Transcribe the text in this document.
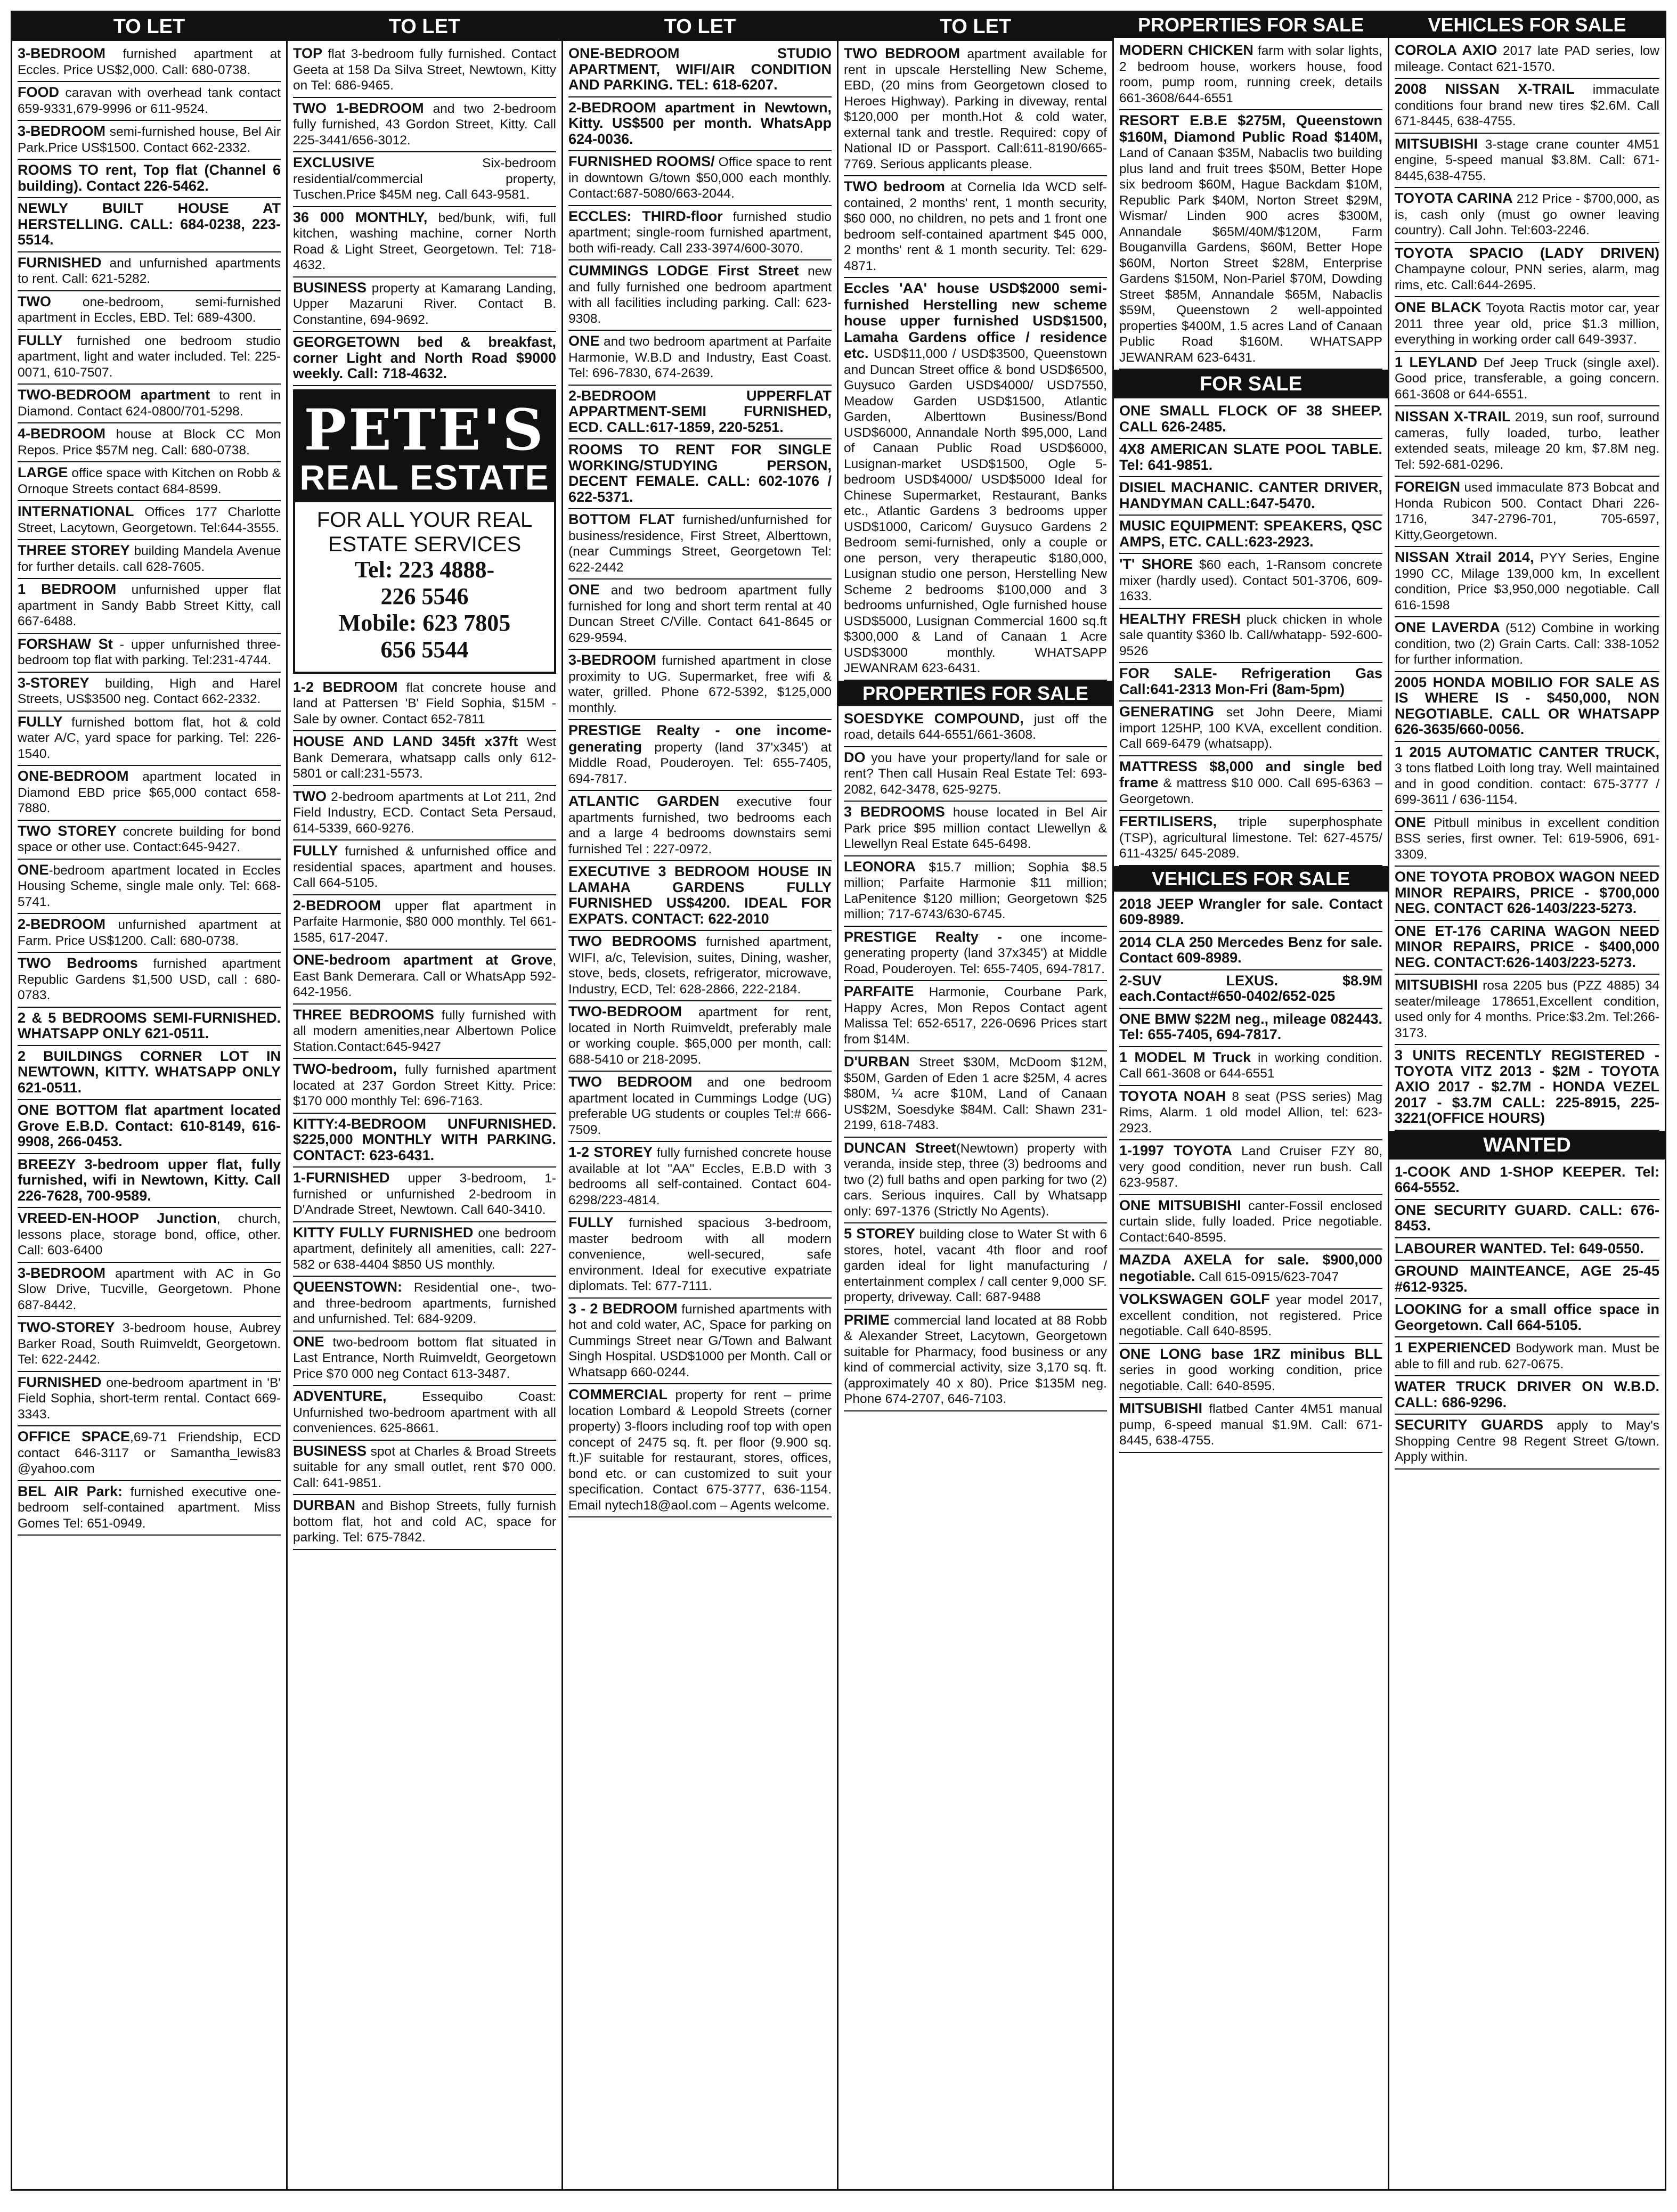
TO LET
3-BEDROOM furnished apartment at Eccles. Price US$2,000. Call: 680-0738.
FOOD caravan with overhead tank contact 659-9331,679-9996 or 611-9524.
3-BEDROOM semi-furnished house, Bel Air Park.Price US$1500. Contact 662-2332.
ROOMS TO rent, Top flat (Channel 6 building). Contact 226-5462.
NEWLY BUILT HOUSE AT HERSTELLING. CALL: 684-0238, 223-5514.
FURNISHED and unfurnished apartments to rent. Call: 621-5282.
TWO one-bedroom, semi-furnished apartment in Eccles, EBD. Tel: 689-4300.
FULLY furnished one bedroom studio apartment, light and water included. Tel: 225-0071, 610-7507.
TWO-BEDROOM apartment to rent in Diamond. Contact 624-0800/701-5298.
4-BEDROOM house at Block CC Mon Repos. Price $57M neg. Call: 680-0738.
LARGE office space with Kitchen on Robb & Ornoque Streets contact 684-8599.
INTERNATIONAL Offices 177 Charlotte Street, Lacytown, Georgetown. Tel:644-3555.
THREE STOREY building Mandela Avenue for further details. call 628-7605.
1 BEDROOM unfurnished upper flat apartment in Sandy Babb Street Kitty, call 667-6488.
FORSHAW St - upper unfurnished three-bedroom top flat with parking. Tel:231-4744.
3-STOREY building, High and Harel Streets, US$3500 neg. Contact 662-2332.
FULLY furnished bottom flat, hot & cold water A/C, yard space for parking. Tel: 226-1540.
ONE-BEDROOM apartment located in Diamond EBD price $65,000 contact 658-7880.
TWO STOREY concrete building for bond space or other use. Contact:645-9427.
ONE-bedroom apartment located in Eccles Housing Scheme, single male only. Tel: 668-5741.
2-BEDROOM unfurnished apartment at Farm. Price US$1200. Call: 680-0738.
TWO Bedrooms furnished apartment Republic Gardens $1,500 USD, call : 680-0783.
2 & 5 BEDROOMS SEMI-FURNISHED. WHATSAPP ONLY 621-0511.
2 BUILDINGS CORNER LOT IN NEWTOWN, KITTY. WHATSAPP ONLY 621-0511.
ONE BOTTOM flat apartment located Grove E.B.D. Contact: 610-8149, 616-9908, 266-0453.
BREEZY 3-bedroom upper flat, fully furnished, wifi in Newtown, Kitty. Call 226-7628, 700-9589.
VREED-EN-HOOP Junction, church, lessons place, storage bond, office, other. Call: 603-6400
3-BEDROOM apartment with AC in Go Slow Drive, Tucville, Georgetown. Phone 687-8442.
TWO-STOREY 3-bedroom house, Aubrey Barker Road, South Ruimveldt, Georgetown. Tel: 622-2442.
FURNISHED one-bedroom apartment in 'B' Field Sophia, short-term rental. Contact 669-3343.
OFFICE SPACE,69-71 Friendship, ECD contact 646-3117 or Samantha_lewis83 @yahoo.com
BEL AIR Park: furnished executive one-bedroom self-contained apartment. Miss Gomes Tel: 651-0949.
TO LET
TOP flat 3-bedroom fully furnished. Contact Geeta at 158 Da Silva Street, Newtown, Kitty on Tel: 686-9465.
TWO 1-BEDROOM and two 2-bedroom fully furnished, 43 Gordon Street, Kitty. Call 225-3441/656-3012.
EXCLUSIVE Six-bedroom residential/commercial property, Tuschen.Price $45M neg. Call 643-9581.
36 000 MONTHLY, bed/bunk, wifi, full kitchen, washing machine, corner North Road & Light Street, Georgetown. Tel: 718-4632.
BUSINESS property at Kamarang Landing, Upper Mazaruni River. Contact B. Constantine, 694-9692.
GEORGETOWN bed & breakfast, corner Light and North Road $9000 weekly. Call: 718-4632.
PETE'S
REAL ESTATE
FOR ALL YOUR REAL
ESTATE SERVICES
Tel: 223 4888-
226 5546
Mobile: 623 7805
656 5544
1-2 BEDROOM flat concrete house and land at Pattersen 'B' Field Sophia, $15M - Sale by owner. Contact 652-7811
HOUSE AND LAND 345ft x37ft West Bank Demerara, whatsapp calls only 612-5801 or call:231-5573.
TWO 2-bedroom apartments at Lot 211, 2nd Field Industry, ECD. Contact Seta Persaud, 614-5339, 660-9276.
FULLY furnished & unfurnished office and residential spaces, apartment and houses. Call 664-5105.
2-BEDROOM upper flat apartment in Parfaite Harmonie, $80 000 monthly. Tel 661-1585, 617-2047.
ONE-bedroom apartment at Grove, East Bank Demerara. Call or WhatsApp 592-642-1956.
THREE BEDROOMS fully furnished with all modern amenities,near Albertown Police Station.Contact:645-9427
TWO-bedroom, fully furnished apartment located at 237 Gordon Street Kitty. Price: $170 000 monthly Tel: 696-7163.
KITTY:4-BEDROOM UNFURNISHED. $225,000 MONTHLY WITH PARKING. CONTACT: 623-6431.
1-FURNISHED upper 3-bedroom, 1-furnished or unfurnished 2-bedroom in D'Andrade Street, Newtown. Call 640-3410.
KITTY FULLY FURNISHED one bedroom apartment, definitely all amenities, call: 227-582 or 638-4404 $850 US monthly.
QUEENSTOWN: Residential one-, two- and three-bedroom apartments, furnished and unfurnished. Tel: 684-9209.
ONE two-bedroom bottom flat situated in Last Entrance, North Ruimveldt, Georgetown Price $70 000 neg Contact 613-3487.
ADVENTURE, Essequibo Coast: Unfurnished two-bedroom apartment with all conveniences. 625-8661.
BUSINESS spot at Charles & Broad Streets suitable for any small outlet, rent $70 000. Call: 641-9851.
DURBAN and Bishop Streets, fully furnish bottom flat, hot and cold AC, space for parking. Tel: 675-7842.
TO LET
ONE-BEDROOM STUDIO APARTMENT, WIFI/AIR CONDITION AND PARKING. TEL: 618-6207.
2-BEDROOM apartment in Newtown, Kitty. US$500 per month. WhatsApp 624-0036.
FURNISHED ROOMS/ Office space to rent in downtown G/town $50,000 each monthly. Contact:687-5080/663-2044.
ECCLES: THIRD-floor furnished studio apartment; single-room furnished apartment, both wifi-ready. Call 233-3974/600-3070.
CUMMINGS LODGE First Street new and fully furnished one bedroom apartment with all facilities including parking. Call: 623-9308.
ONE and two bedroom apartment at Parfaite Harmonie, W.B.D and Industry, East Coast. Tel: 696-7830, 674-2639.
2-BEDROOM UPPERFLAT APPARTMENT-SEMI FURNISHED, ECD. CALL:617-1859, 220-5251.
ROOMS TO RENT FOR SINGLE WORKING/STUDYING PERSON, DECENT FEMALE. CALL: 602-1076 / 622-5371.
BOTTOM FLAT furnished/unfurnished for business/residence, First Street, Alberttown, (near Cummings Street, Georgetown Tel: 622-2442
ONE and two bedroom apartment fully furnished for long and short term rental at 40 Duncan Street C/Ville. Contact 641-8645 or 629-9594.
3-BEDROOM furnished apartment in close proximity to UG. Supermarket, free wifi & water, grilled. Phone 672-5392, $125,000 monthly.
PRESTIGE Realty - one income-generating property (land 37'x345') at Middle Road, Pouderoyen. Tel: 655-7405, 694-7817.
ATLANTIC GARDEN executive four apartments furnished, two bedrooms each and a large 4 bedrooms downstairs semi furnished Tel : 227-0972.
EXECUTIVE 3 BEDROOM HOUSE IN LAMAHA GARDENS FULLY FURNISHED US$4200. IDEAL FOR EXPATS. CONTACT: 622-2010
TWO BEDROOMS furnished apartment, WIFI, a/c, Television, suites, Dining, washer, stove, beds, closets, refrigerator, microwave, Industry, ECD, Tel: 628-2866, 222-2184.
TWO-BEDROOM apartment for rent, located in North Ruimveldt, preferably male or working couple. $65,000 per month, call: 688-5410 or 218-2095.
TWO BEDROOM and one bedroom apartment located in Cummings Lodge (UG) preferable UG students or couples Tel:# 666-7509.
1-2 STOREY fully furnished concrete house available at lot "AA" Eccles, E.B.D with 3 bedrooms all self-contained. Contact 604-6298/223-4814.
FULLY furnished spacious 3-bedroom, master bedroom with all modern convenience, well-secured, safe environment. Ideal for executive expatriate diplomats. Tel: 677-7111.
3 - 2 BEDROOM furnished apartments with hot and cold water, AC, Space for parking on Cummings Street near G/Town and Balwant Singh Hospital. USD$1000 per Month. Call or Whatsapp 660-0244.
COMMERCIAL property for rent – prime location Lombard & Leopold Streets (corner property) 3-floors including roof top with open concept of 2475 sq. ft. per floor (9.900 sq. ft.)F suitable for restaurant, stores, offices, bond etc. or can customized to suit your specification. Contact 675-3777, 636-1154. Email nytech18@aol.com – Agents welcome.
TO LET
TWO BEDROOM apartment available for rent in upscale Herstelling New Scheme, EBD, (20 mins from Georgetown closed to Heroes Highway). Parking in diveway, rental $120,000 per month.Hot & cold water, external tank and trestle. Required: copy of National ID or Passport. Call:611-8190/665-7769. Serious applicants please.
TWO bedroom at Cornelia Ida WCD self-contained, 2 months' rent, 1 month security, $60 000, no children, no pets and 1 front one bedroom self-contained apartment $45 000, 2 months' rent & 1 month security. Tel: 629-4871.
Eccles 'AA' house USD$2000 semi- furnished Herstelling new scheme house upper furnished USD$1500, Lamaha Gardens office / residence etc. USD$11,000 / USD$3500, Queenstown and Duncan Street office & bond USD$6500, Guysuco Garden USD$4000/ USD7550, Meadow Garden USD$1500, Atlantic Garden, Alberttown Business/Bond USD$6000, Annandale North $95,000, Land of Canaan Public Road USD$6000, Lusignan-market USD$1500, Ogle 5-bedroom USD$4000/ USD$5000 Ideal for Chinese Supermarket, Restaurant, Banks etc., Atlantic Gardens 3 bedrooms upper USD$1000, Caricom/ Guysuco Gardens 2 Bedroom semi-furnished, only a couple or one person, very therapeutic $180,000, Lusignan studio one person, Herstelling New Scheme 2 bedrooms $100,000 and 3 bedrooms unfurnished, Ogle furnished house USD$5000, Lusignan Commercial 1600 sq.ft $300,000 & Land of Canaan 1 Acre USD$3000 monthly. WHATSAPP JEWANRAM 623-6431.
PROPERTIES FOR SALE
SOESDYKE COMPOUND, just off the road, details 644-6551/661-3608.
DO you have your property/land for sale or rent? Then call Husain Real Estate Tel: 693-2082, 642-3478, 625-9275.
3 BEDROOMS house located in Bel Air Park price $95 million contact Llewellyn & Llewellyn Real Estate 645-6498.
LEONORA $15.7 million; Sophia $8.5 million; Parfaite Harmonie $11 million; LaPenitence $120 million; Georgetown $25 million; 717-6743/630-6745.
PRESTIGE Realty - one income-generating property (land 37x345') at Middle Road, Pouderoyen. Tel: 655-7405, 694-7817.
PARFAITE Harmonie, Courbane Park, Happy Acres, Mon Repos Contact agent Malissa Tel: 652-6517, 226-0696 Prices start from $14M.
D'URBAN Street $30M, McDoom $12M, $50M, Garden of Eden 1 acre $25M, 4 acres $80M, ¼ acre $10M, Land of Canaan US$2M, Soesdyke $84M. Call: Shawn 231-2199, 618-7483.
DUNCAN Street(Newtown) property with veranda, inside step, three (3) bedrooms and two (2) full baths and open parking for two (2) cars. Serious inquires. Call by Whatsapp only: 697-1376 (Strictly No Agents).
5 STOREY building close to Water St with 6 stores, hotel, vacant 4th floor and roof garden ideal for light manufacturing / entertainment complex / call center 9,000 SF. property, driveway. Call: 687-9488
PRIME commercial land located at 88 Robb & Alexander Street, Lacytown, Georgetown suitable for Pharmacy, food business or any kind of commercial activity, size 3,170 sq. ft. (approximately 40 x 80). Price $135M neg. Phone 674-2707, 646-7103.
PROPERTIES FOR SALE
MODERN CHICKEN farm with solar lights, 2 bedroom house, workers house, food room, pump room, running creek, details 661-3608/644-6551
RESORT E.B.E $275M, Queenstown $160M, Diamond Public Road $140M, Land of Canaan $35M, Nabaclis two building plus land and fruit trees $50M, Better Hope six bedroom $60M, Hague Backdam $10M, Republic Park $40M, Norton Street $29M, Wismar/ Linden 900 acres $300M, Annandale $65M/40M/$120M, Farm Bouganvilla Gardens, $60M, Better Hope $60M, Norton Street $28M, Enterprise Gardens $150M, Non-Pariel $70M, Dowding Street $85M, Annandale $65M, Nabaclis $59M, Queenstown 2 well-appointed properties $400M, 1.5 acres Land of Canaan Public Road $160M. WHATSAPP JEWANRAM 623-6431.
FOR SALE
ONE SMALL FLOCK OF 38 SHEEP. CALL 626-2485.
4X8 AMERICAN SLATE POOL TABLE. Tel: 641-9851.
DISIEL MACHANIC. CANTER DRIVER, HANDYMAN CALL:647-5470.
MUSIC EQUIPMENT: SPEAKERS, QSC AMPS, ETC. CALL:623-2923.
'T' SHORE $60 each, 1-Ransom concrete mixer (hardly used). Contact 501-3706, 609-1633.
HEALTHY FRESH pluck chicken in whole sale quantity $360 lb. Call/whatapp- 592-600-9526
FOR SALE- Refrigeration Gas Call:641-2313 Mon-Fri (8am-5pm)
GENERATING set John Deere, Miami import 125HP, 100 KVA, excellent condition. Call 669-6479 (whatsapp).
MATTRESS $8,000 and single bed frame & mattress $10 000. Call 695-6363 – Georgetown.
FERTILISERS, triple superphosphate (TSP), agricultural limestone. Tel: 627-4575/ 611-4325/ 645-2089.
VEHICLES FOR SALE
2018 JEEP Wrangler for sale. Contact 609-8989.
2014 CLA 250 Mercedes Benz for sale. Contact 609-8989.
2-SUV LEXUS. $8.9M each.Contact#650-0402/652-025
ONE BMW $22M neg., mileage 082443. Tel: 655-7405, 694-7817.
1 MODEL M Truck in working condition. Call 661-3608 or 644-6551
TOYOTA NOAH 8 seat (PSS series) Mag Rims, Alarm. 1 old model Allion, tel: 623-2923.
1-1997 TOYOTA Land Cruiser FZY 80, very good condition, never run bush. Call 623-9587.
ONE MITSUBISHI canter-Fossil enclosed curtain slide, fully loaded. Price negotiable. Contact:640-8595.
MAZDA AXELA for sale. $900,000 negotiable. Call 615-0915/623-7047
VOLKSWAGEN GOLF year model 2017, excellent condition, not registered. Price negotiable. Call 640-8595.
ONE LONG base 1RZ minibus BLL series in good working condition, price negotiable. Call: 640-8595.
MITSUBISHI flatbed Canter 4M51 manual pump, 6-speed manual $1.9M. Call: 671-8445, 638-4755.
VEHICLES FOR SALE
COROLA AXIO 2017 late PAD series, low mileage. Contact 621-1570.
2008 NISSAN X-TRAIL immaculate conditions four brand new tires $2.6M. Call 671-8445, 638-4755.
MITSUBISHI 3-stage crane counter 4M51 engine, 5-speed manual $3.8M. Call: 671-8445,638-4755.
TOYOTA CARINA 212 Price - $700,000, as is, cash only (must go owner leaving country). Call John. Tel:603-2246.
TOYOTA SPACIO (LADY DRIVEN) Champayne colour, PNN series, alarm, mag rims, etc. Call:644-2695.
ONE BLACK Toyota Ractis motor car, year 2011 three year old, price $1.3 million, everything in working order call 649-3937.
1 LEYLAND Def Jeep Truck (single axel). Good price, transferable, a going concern. 661-3608 or 644-6551.
NISSAN X-TRAIL 2019, sun roof, surround cameras, fully loaded, turbo, leather extended seats, mileage 20 km, $7.8M neg. Tel: 592-681-0296.
FOREIGN used immaculate 873 Bobcat and Honda Rubicon 500. Contact Dhari 226-1716, 347-2796-701, 705-6597, Kitty,Georgetown.
NISSAN Xtrail 2014, PYY Series, Engine 1990 CC, Milage 139,000 km, In excellent condition, Price $3,950,000 negotiable. Call 616-1598
ONE LAVERDA (512) Combine in working condition, two (2) Grain Carts. Call: 338-1052 for further information.
2005 HONDA MOBILIO FOR SALE AS IS WHERE IS - $450,000, NON NEGOTIABLE. CALL OR WHATSAPP 626-3635/660-0056.
1 2015 AUTOMATIC CANTER TRUCK, 3 tons flatbed Loith long tray. Well maintained and in good condition. contact: 675-3777 / 699-3611 / 636-1154.
ONE Pitbull minibus in excellent condition BSS series, first owner. Tel: 619-5906, 691-3309.
ONE TOYOTA PROBOX WAGON NEED MINOR REPAIRS, PRICE - $700,000 NEG. CONTACT 626-1403/223-5273.
ONE ET-176 CARINA WAGON NEED MINOR REPAIRS, PRICE - $400,000 NEG. CONTACT:626-1403/223-5273.
MITSUBISHI rosa 2205 bus (PZZ 4885) 34 seater/mileage 178651,Excellent condition, used only for 4 months. Price:$3.2m. Tel:266-3173.
3 UNITS RECENTLY REGISTERED - TOYOTA VITZ 2013 - $2M - TOYOTA AXIO 2017 - $2.7M - HONDA VEZEL 2017 - $3.7M CALL: 225-8915, 225-3221(OFFICE HOURS)
WANTED
1-COOK AND 1-SHOP KEEPER. Tel: 664-5552.
ONE SECURITY GUARD. CALL: 676-8453.
LABOURER WANTED. Tel: 649-0550.
GROUND MAINTEANCE, AGE 25-45 #612-9325.
LOOKING for a small office space in Georgetown. Call 664-5105.
1 EXPERIENCED Bodywork man. Must be able to fill and rub. 627-0675.
WATER TRUCK DRIVER ON W.B.D. CALL: 686-9296.
SECURITY GUARDS apply to May's Shopping Centre 98 Regent Street G/town. Apply within.
